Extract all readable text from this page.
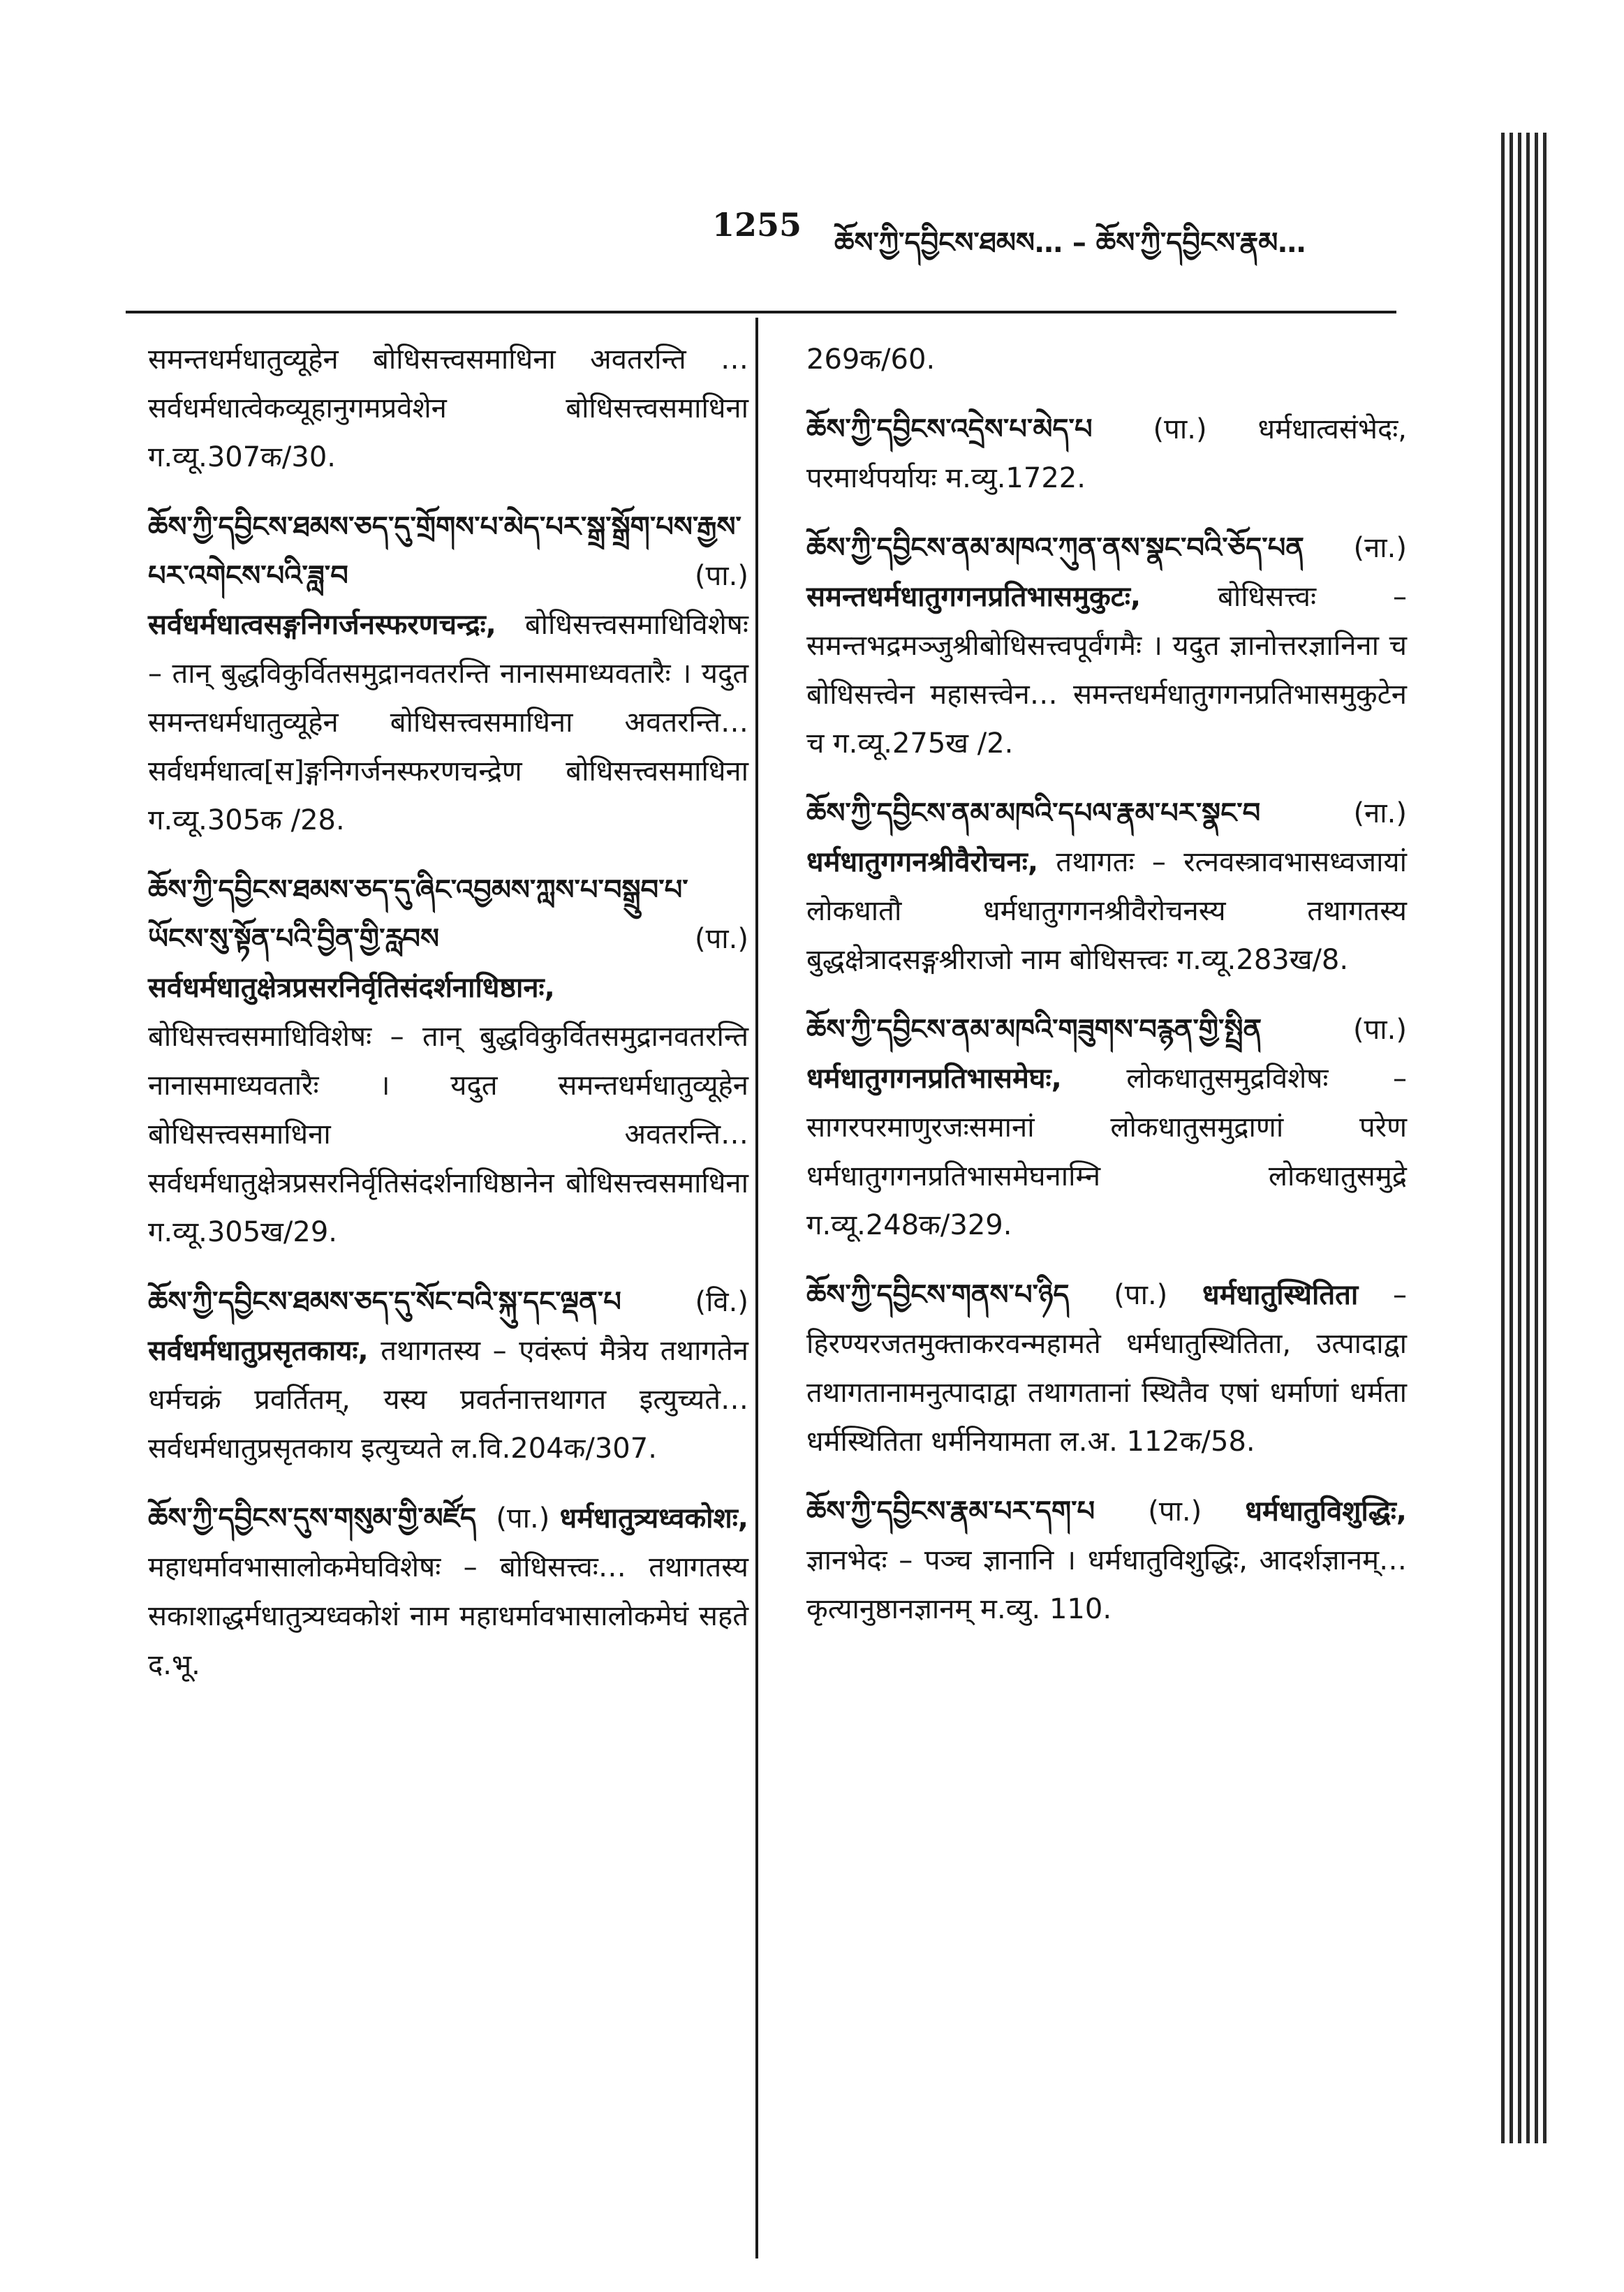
1255 ཆོས་ཀྱི་དབྱིངས་ཐམས… – ཆོས་ཀྱི་དབྱིངས་རྣམ…

समन्तधर्मधातुव्यूहेन बोधिसत्त्वसमाधिना अवतरन्ति … सर्वधर्मधात्वेकव्यूहानुगमप्रवेशेन बोधिसत्त्वसमाधिना ग.व्यू.307क/30.

ཆོས་ཀྱི་དབྱིངས་ཐམས་ཅད་དུ་གྲོགས་པ་མེད་པར་སྒྲ་སྒྲོག་པས་རྒྱས་པར་འགེངས་པའི་ཟླ་བ	(पा.) सर्वधर्मधात्वसङ्गनिगर्जनस्फरणचन्द्रः, बोधिसत्त्वसमाधिविशेषः – तान् बुद्धविकुर्वितसमुद्रानवतरन्ति नानासमाध्यवतारैः । यदुत समन्तधर्मधातुव्यूहेन बोधिसत्त्वसमाधिना अवतरन्ति… सर्वधर्मधात्व[स]ङ्गनिगर्जनस्फरणचन्द्रेण बोधिसत्त्वसमाधिना ग.व्यू.305क /28.

ཆོས་ཀྱི་དབྱིངས་ཐམས་ཅད་དུ་ཞིང་འབྱམས་ཀླས་པ་བསྒྲུབ་པ་ཡོངས་སུ་སྟོན་པའི་བྱིན་གྱི་རླབས	(पा.) सर्वधर्मधातुक्षेत्रप्रसरनिर्वृतिसंदर्शनाधिष्ठानः, बोधिसत्त्वसमाधिविशेषः – तान् बुद्धविकुर्वितसमुद्रानवतरन्ति नानासमाध्यवतारैः । यदुत समन्तधर्मधातुव्यूहेन बोधिसत्त्वसमाधिना अवतरन्ति… सर्वधर्मधातुक्षेत्रप्रसरनिर्वृतिसंदर्शनाधिष्ठानेन बोधिसत्त्वसमाधिना ग.व्यू.305ख/29.

ཆོས་ཀྱི་དབྱིངས་ཐམས་ཅད་དུ་སོང་བའི་སྐུ་དང་ལྡན་པ	(वि.) सर्वधर्मधातुप्रसृतकायः, तथागतस्य – एवंरूपं मैत्रेय तथागतेन धर्मचक्रं प्रवर्तितम्, यस्य प्रवर्तनात्तथागत इत्युच्यते… सर्वधर्मधातुप्रसृतकाय इत्युच्यते ल.वि.204क/307.

ཆོས་ཀྱི་དབྱིངས་དུས་གསུམ་གྱི་མཛོད (पा.) धर्मधातुत्र्यध्वकोशः, महाधर्मावभासालोकमेघविशेषः – बोधिसत्त्वः… तथागतस्य सकाशाद्धर्मधातुत्र्यध्वकोशं नाम महाधर्मावभासालोकमेघं सहते द.भू.

269क/60.

ཆོས་ཀྱི་དབྱིངས་འདྲེས་པ་མེད་པ (पा.) धर्मधात्वसंभेदः, परमार्थपर्यायः म.व्यु.1722.

ཆོས་ཀྱི་དབྱིངས་ནམ་མཁའ་ཀུན་ནས་སྣང་བའི་ཅོད་པན (ना.) समन्तधर्मधातुगगनप्रतिभासमुकुटः,	बोधिसत्त्वः – समन्तभद्रमञ्जुश्रीबोधिसत्त्वपूर्वंगमैः । यदुत ज्ञानोत्तरज्ञानिना च बोधिसत्त्वेन महासत्त्वेन… समन्तधर्मधातुगगनप्रतिभासमुकुटेन च ग.व्यू.275ख /2.

ཆོས་ཀྱི་དབྱིངས་ནམ་མཁའི་དཔལ་རྣམ་པར་སྣང་བ	(ना.) धर्मधातुगगनश्रीवैरोचनः, तथागतः – रत्नवस्त्रावभासध्वजायां लोकधातौ धर्मधातुगगनश्रीवैरोचनस्य तथागतस्य बुद्धक्षेत्रादसङ्गश्रीराजो नाम बोधिसत्त्वः ग.व्यू.283ख/8.

ཆོས་ཀྱི་དབྱིངས་ནམ་མཁའི་གཟུགས་བརྙན་གྱི་སྤྲིན	(पा.) धर्मधातुगगनप्रतिभासमेघः, लोकधातुसमुद्रविशेषः – सागरपरमाणुरजःसमानां लोकधातुसमुद्राणां परेण धर्मधातुगगनप्रतिभासमेघनाम्नि लोकधातुसमुद्रे ग.व्यू.248क/329.

ཆོས་ཀྱི་དབྱིངས་གནས་པ་ཉིད (पा.) धर्मधातुस्थितिता – हिरण्यरजतमुक्ताकरवन्महामते धर्मधातुस्थितिता, उत्पादाद्वा तथागतानामनुत्पादाद्वा तथागतानां स्थितैव एषां धर्माणां धर्मता धर्मस्थितिता धर्मनियामता ल.अ. 112क/58.

ཆོས་ཀྱི་དབྱིངས་རྣམ་པར་དག་པ (पा.) धर्मधातुविशुद्धिः, ज्ञानभेदः – पञ्च ज्ञानानि । धर्मधातुविशुद्धिः, आदर्शज्ञानम्… कृत्यानुष्ठानज्ञानम् म.व्यु. 110.
